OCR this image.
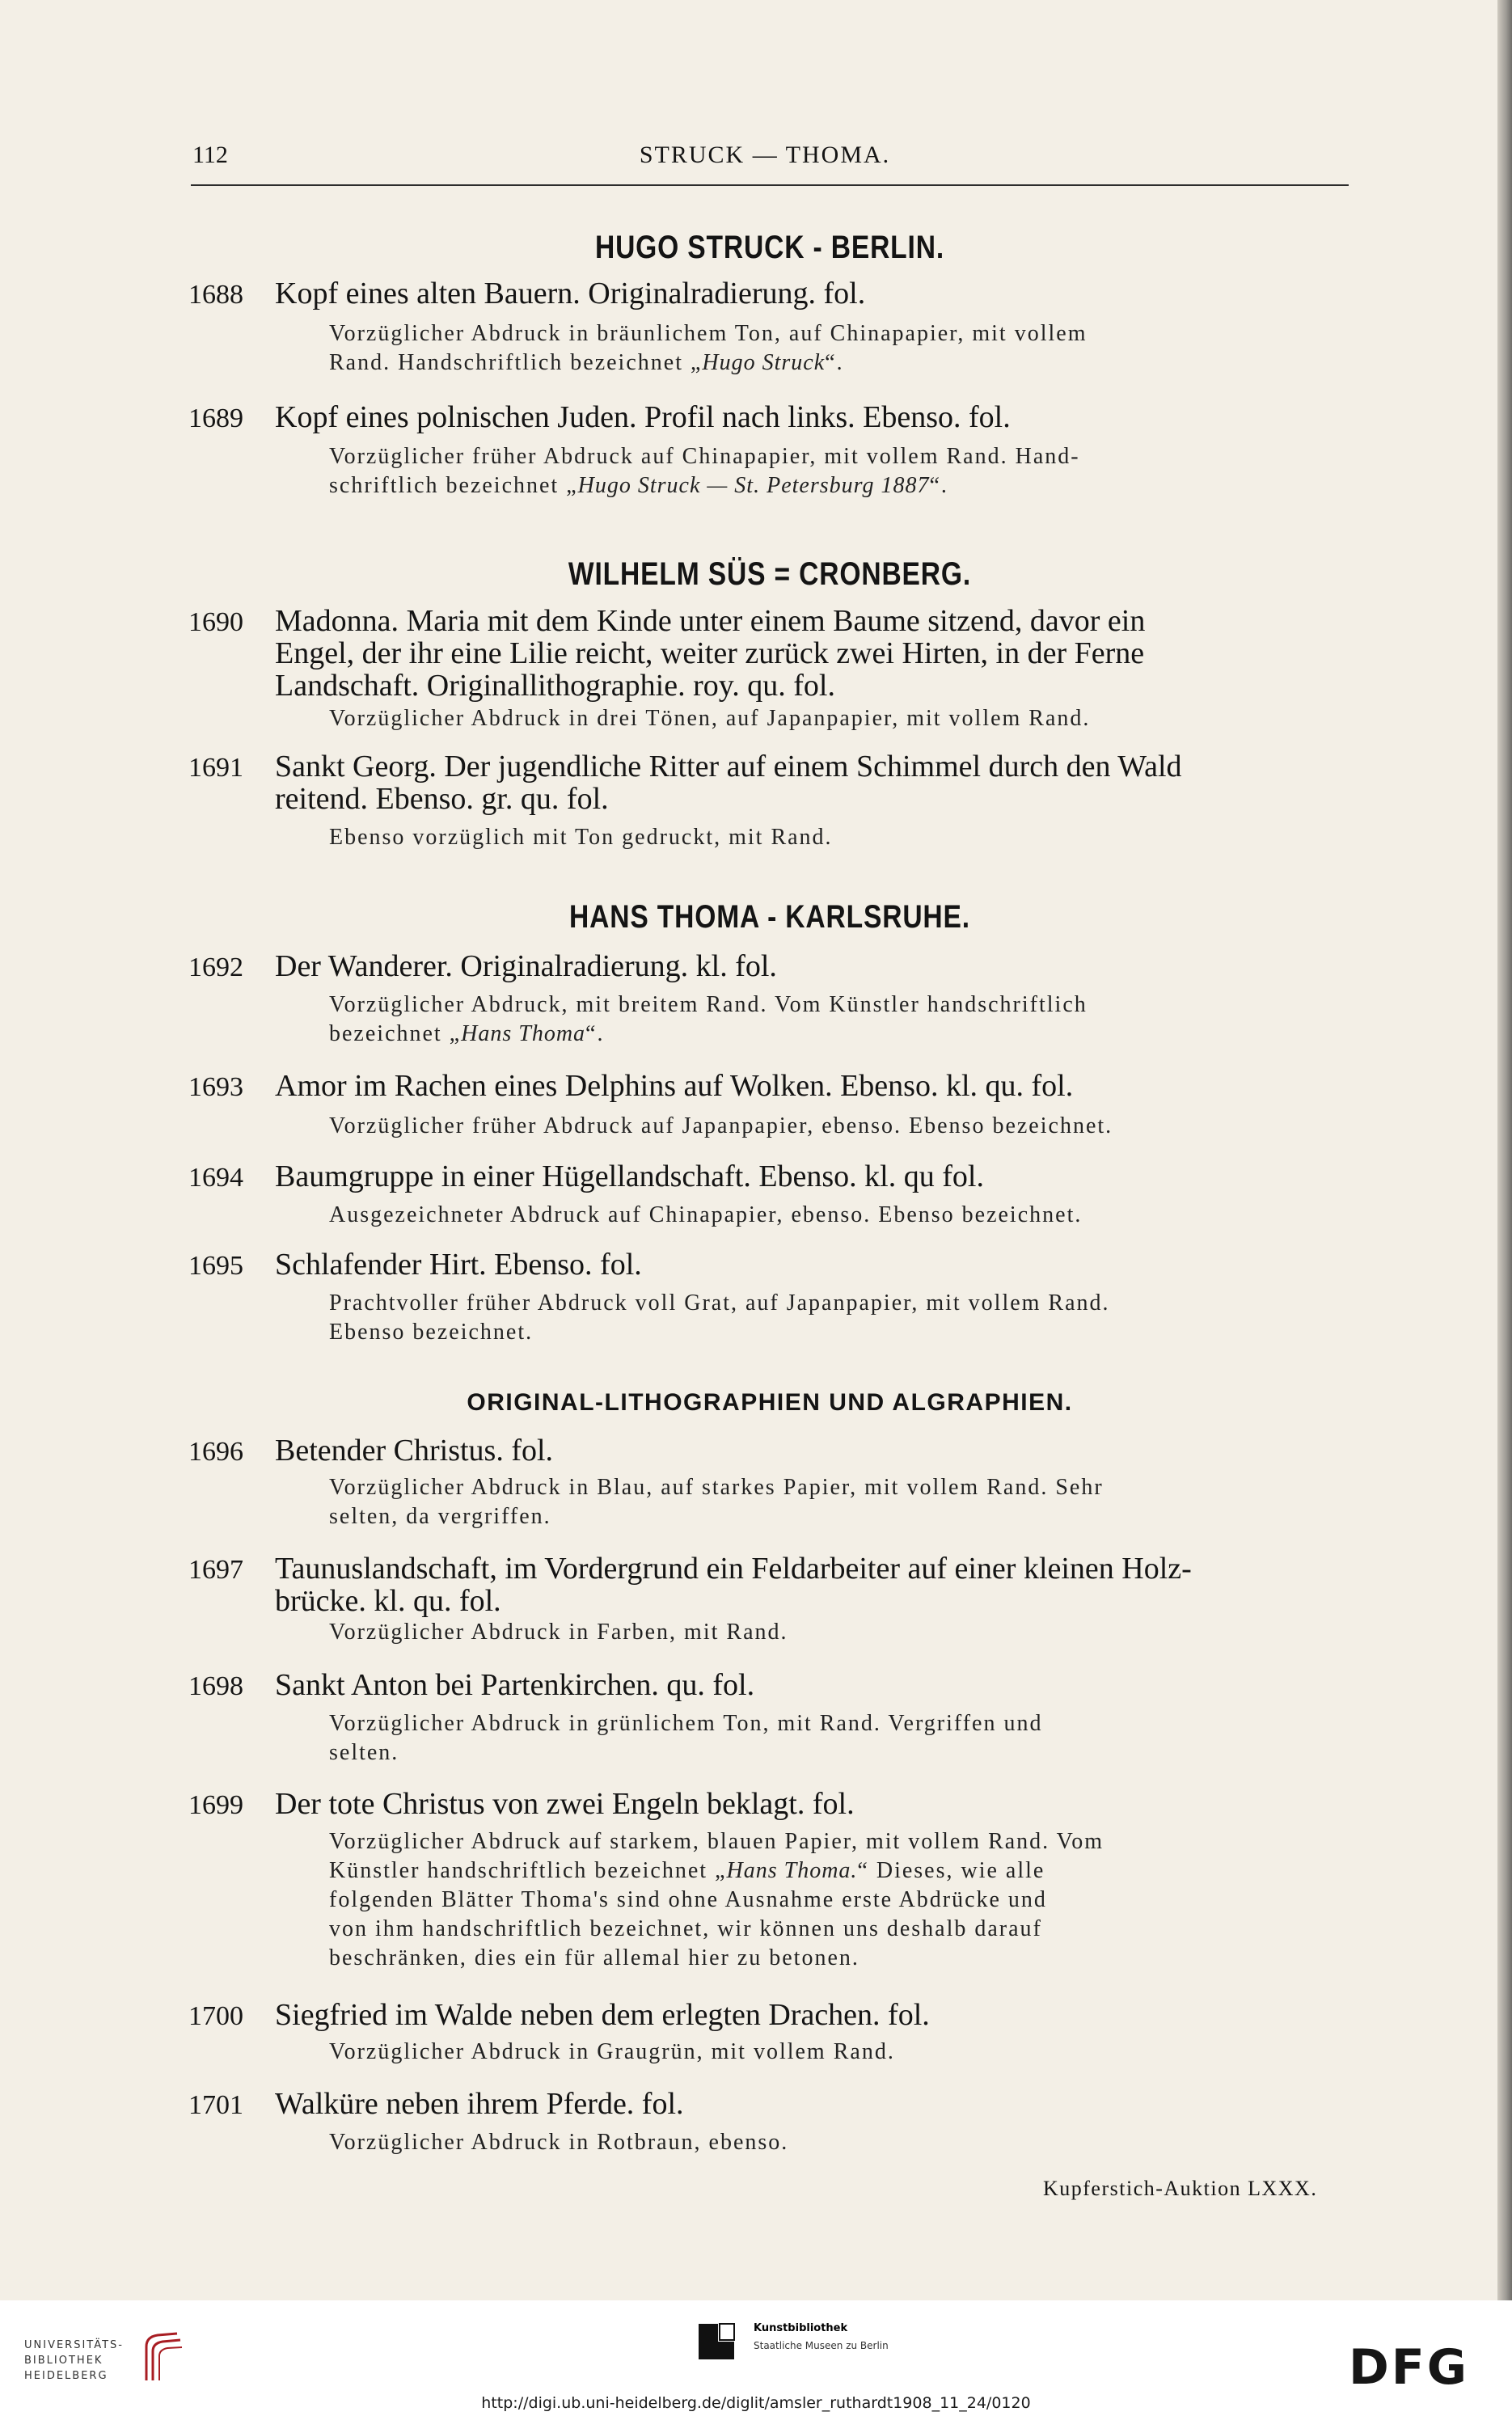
112	STRUCK — THOMA.
HUGO STRUCK - BERLIN.
1688 Kopf eines alten Bauern. Originalradierung. fol.
Vorzüglicher Abdruck in bräunlichem Ton, auf Chinapapier, mit vollem
Rand. Handschriftlich bezeichnet „Hugo Struck“.
1689 Kopf eines polnischen Juden. Profil nach links. Ebenso. fol.
Vorzüglicher früher Abdruck auf Chinapapier, mit vollem Rand. Hand-
schriftlich bezeichnet „Hugo Struck — St. Petersburg 1887“.
WILHELM SÜS = CRONBERG.
1690 Madonna. Maria mit dem Kinde unter einem Baume sitzend, davor ein
Engel, der ihr eine Lilie reicht, weiter zurück zwei Hirten, in der Ferne
Landschaft. Originallithographie. roy. qu. fol.
Vorzüglicher Abdruck in drei Tönen, auf Japanpapier, mit vollem Rand.
1691 Sankt Georg. Der jugendliche Ritter auf einem Schimmel durch den Wald
reitend. Ebenso. gr. qu. fol.
Ebenso vorzüglich mit Ton gedruckt, mit Rand.
HANS THOMA - KARLSRUHE.
1692 Der Wanderer. Originalradierung. kl. fol.
Vorzüglicher Abdruck, mit breitem Rand. Vom Künstler handschriftlich
bezeichnet „Hans Thoma“.
1693 Amor im Rachen eines Delphins auf Wolken. Ebenso. kl. qu. fol.
Vorzüglicher früher Abdruck auf Japanpapier, ebenso. Ebenso bezeichnet.
1694 Baumgruppe in einer Hügellandschaft. Ebenso. kl. qu fol.
Ausgezeichneter Abdruck auf Chinapapier, ebenso. Ebenso bezeichnet.
1695 Schlafender Hirt. Ebenso. fol.
Prachtvoller früher Abdruck voll Grat, auf Japanpapier, mit vollem Rand.
Ebenso bezeichnet.
ORIGINAL-LITHOGRAPHIEN UND ALGRAPHIEN.
1696 Betender Christus. fol.
Vorzüglicher Abdruck in Blau, auf starkes Papier, mit vollem Rand. Sehr
selten, da vergriffen.
1697 Taunuslandschaft, im Vordergrund ein Feldarbeiter auf einer kleinen Holz-
brücke. kl. qu. fol.
Vorzüglicher Abdruck in Farben, mit Rand.
1698 Sankt Anton bei Partenkirchen. qu. fol.
Vorzüglicher Abdruck in grünlichem Ton, mit Rand. Vergriffen und
selten.
1699 Der tote Christus von zwei Engeln beklagt. fol.
Vorzüglicher Abdruck auf starkem, blauen Papier, mit vollem Rand. Vom
Künstler handschriftlich bezeichnet „Hans Thoma.“ Dieses, wie alle
folgenden Blätter Thoma's sind ohne Ausnahme erste Abdrücke und
von ihm handschriftlich bezeichnet, wir können uns deshalb darauf
beschränken, dies ein für allemal hier zu betonen.
1700 Siegfried im Walde neben dem erlegten Drachen. fol.
Vorzüglicher Abdruck in Graugrün, mit vollem Rand.
1701 Walküre neben ihrem Pferde. fol.
Vorzüglicher Abdruck in Rotbraun, ebenso.
Kupferstich-Auktion LXXX.
UNIVERSITÄTS-
BIBLIOTHEK
HEIDELBERG
Kunstbibliothek
Staatliche Museen zu Berlin	DFG
http://digi.ub.uni-heidelberg.de/diglit/amsler_ruthardt1908_11_24/0120
